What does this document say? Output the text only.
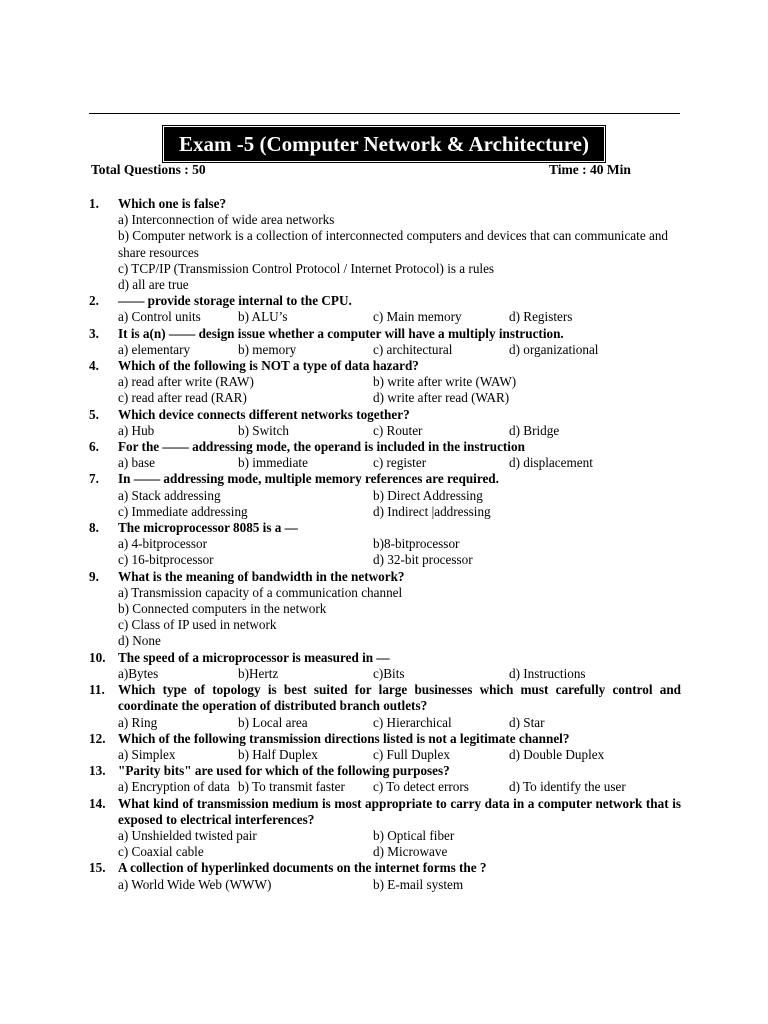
Exam -5 (Computer Network & Architecture)
Total Questions : 50	Time : 40 Min
1. Which one is false?
a) Interconnection of wide area networks
b) Computer network is a collection of interconnected computers and devices that can communicate and share resources
c) TCP/IP (Transmission Control Protocol / Internet Protocol) is a rules
d) all are true
2. —— provide storage internal to the CPU.
a) Control units	b) ALU’s	c) Main memory	d) Registers
3. It is a(n) —— design issue whether a computer will have a multiply instruction.
a) elementary	b) memory	c) architectural	d) organizational
4. Which of the following is NOT a type of data hazard?
a) read after write (RAW)	b) write after write (WAW)
c) read after read (RAR)	d) write after read (WAR)
5. Which device connects different networks together?
a) Hub	b) Switch	c) Router	d) Bridge
6. For the —— addressing mode, the operand is included in the instruction
a) base	b) immediate	c) register	d) displacement
7. In —— addressing mode, multiple memory references are required.
a) Stack addressing	b) Direct Addressing
c) Immediate addressing	d) Indirect |addressing
8. The microprocessor 8085 is a —
a) 4-bitprocessor	b)8-bitprocessor
c) 16-bitprocessor	d) 32-bit processor
9. What is the meaning of bandwidth in the network?
a) Transmission capacity of a communication channel
b) Connected computers in the network
c) Class of IP used in network
d) None
10. The speed of a microprocessor is measured in —
a)Bytes	b)Hertz	c)Bits	d) Instructions
11. Which type of topology is best suited for large businesses which must carefully control and coordinate the operation of distributed branch outlets?
a) Ring	b) Local area	c) Hierarchical	d) Star
12. Which of the following transmission directions listed is not a legitimate channel?
a) Simplex	b) Half Duplex	c) Full Duplex	d) Double Duplex
13. "Parity bits" are used for which of the following purposes?
a) Encryption of data b) To transmit faster	c) To detect errors	d) To identify the user
14. What kind of transmission medium is most appropriate to carry data in a computer network that is exposed to electrical interferences?
a) Unshielded twisted pair	b) Optical fiber
c) Coaxial cable	d) Microwave
15. A collection of hyperlinked documents on the internet forms the ?
a) World Wide Web (WWW)	b) E-mail system
